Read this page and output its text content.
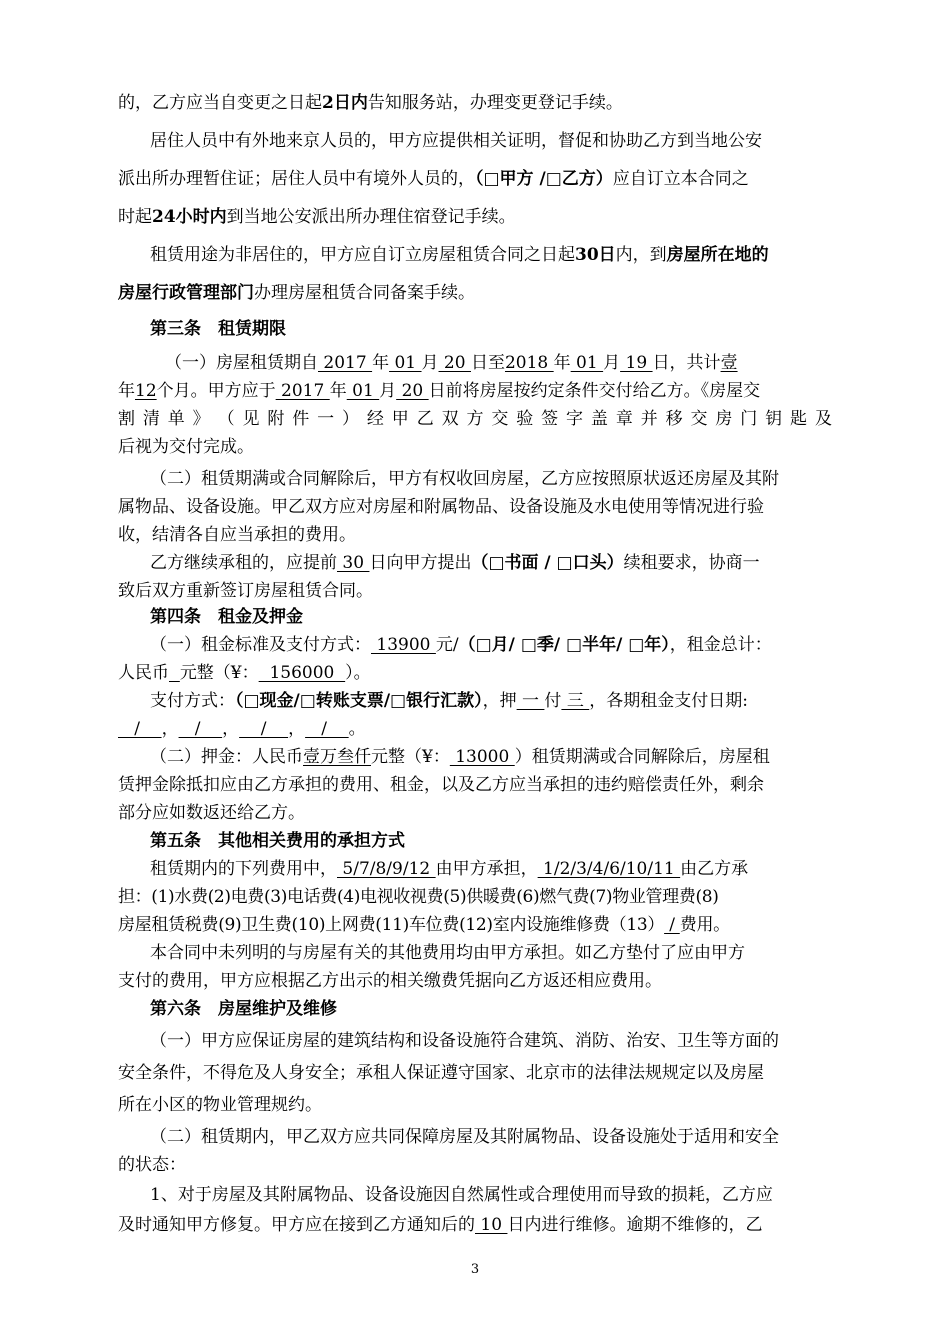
的，乙方应当自变更之日起2日内告知服务站，办理变更登记手续。
居住人员中有外地来京人员的，甲方应提供相关证明，督促和协助乙方到当地公安
派出所办理暂住证；居住人员中有境外人员的，（□甲方 /□乙方）应自订立本合同之
时起24小时内到当地公安派出所办理住宿登记手续。
租赁用途为非居住的，甲方应自订立房屋租赁合同之日起30日内，到房屋所在地的
房屋行政管理部门办理房屋租赁合同备案手续。
第三条　租赁期限
（一）房屋租赁期自 2017 年 01 月 20 日至2018 年 01 月 19 日，共计壹
年12个月。甲方应于 2017 年 01 月 20 日前将房屋按约定条件交付给乙方。《房屋交
割 清 单 》 （ 见 附 件 一 ） 经 甲 乙 双 方 交 验 签 字 盖 章 并 移 交 房 门 钥 匙 及
后视为交付完成。
（二）租赁期满或合同解除后，甲方有权收回房屋，乙方应按照原状返还房屋及其附
属物品、设备设施。甲乙双方应对房屋和附属物品、设备设施及水电使用等情况进行验
收，结清各自应当承担的费用。
乙方继续承租的，应提前 30 日向甲方提出（□书面 / □口头）续租要求，协商一
致后双方重新签订房屋租赁合同。
第四条　租金及押金
（一）租金标准及支付方式： 13900 元/（□月/ □季/ □半年/ □年），租金总计：
人民币 元整（¥：  156000  ）。
支付方式：（□现金/□转账支票/□银行汇款），押 一 付 三 ，各期租金支付日期:
/    ，   /    ，    /    ，   /    。
（二）押金：人民币壹万叁仟元整（¥： 13000 ）租赁期满或合同解除后，房屋租
赁押金除抵扣应由乙方承担的费用、租金，以及乙方应当承担的违约赔偿责任外，剩余
部分应如数返还给乙方。
第五条　其他相关费用的承担方式
租赁期内的下列费用中， 5/7/8/9/12 由甲方承担， 1/2/3/4/6/10/11 由乙方承
担：(1)水费(2)电费(3)电话费(4)电视收视费(5)供暖费(6)燃气费(7)物业管理费(8)
房屋租赁税费(9)卫生费(10)上网费(11)车位费(12)室内设施维修费（13） / 费用。
本合同中未列明的与房屋有关的其他费用均由甲方承担。如乙方垫付了应由甲方
支付的费用，甲方应根据乙方出示的相关缴费凭据向乙方返还相应费用。
第六条　房屋维护及维修
（一）甲方应保证房屋的建筑结构和设备设施符合建筑、消防、治安、卫生等方面的
安全条件，不得危及人身安全；承租人保证遵守国家、北京市的法律法规规定以及房屋
所在小区的物业管理规约。
（二）租赁期内，甲乙双方应共同保障房屋及其附属物品、设备设施处于适用和安全
的状态：
1、对于房屋及其附属物品、设备设施因自然属性或合理使用而导致的损耗，乙方应
及时通知甲方修复。甲方应在接到乙方通知后的 10 日内进行维修。逾期不维修的，乙
3
